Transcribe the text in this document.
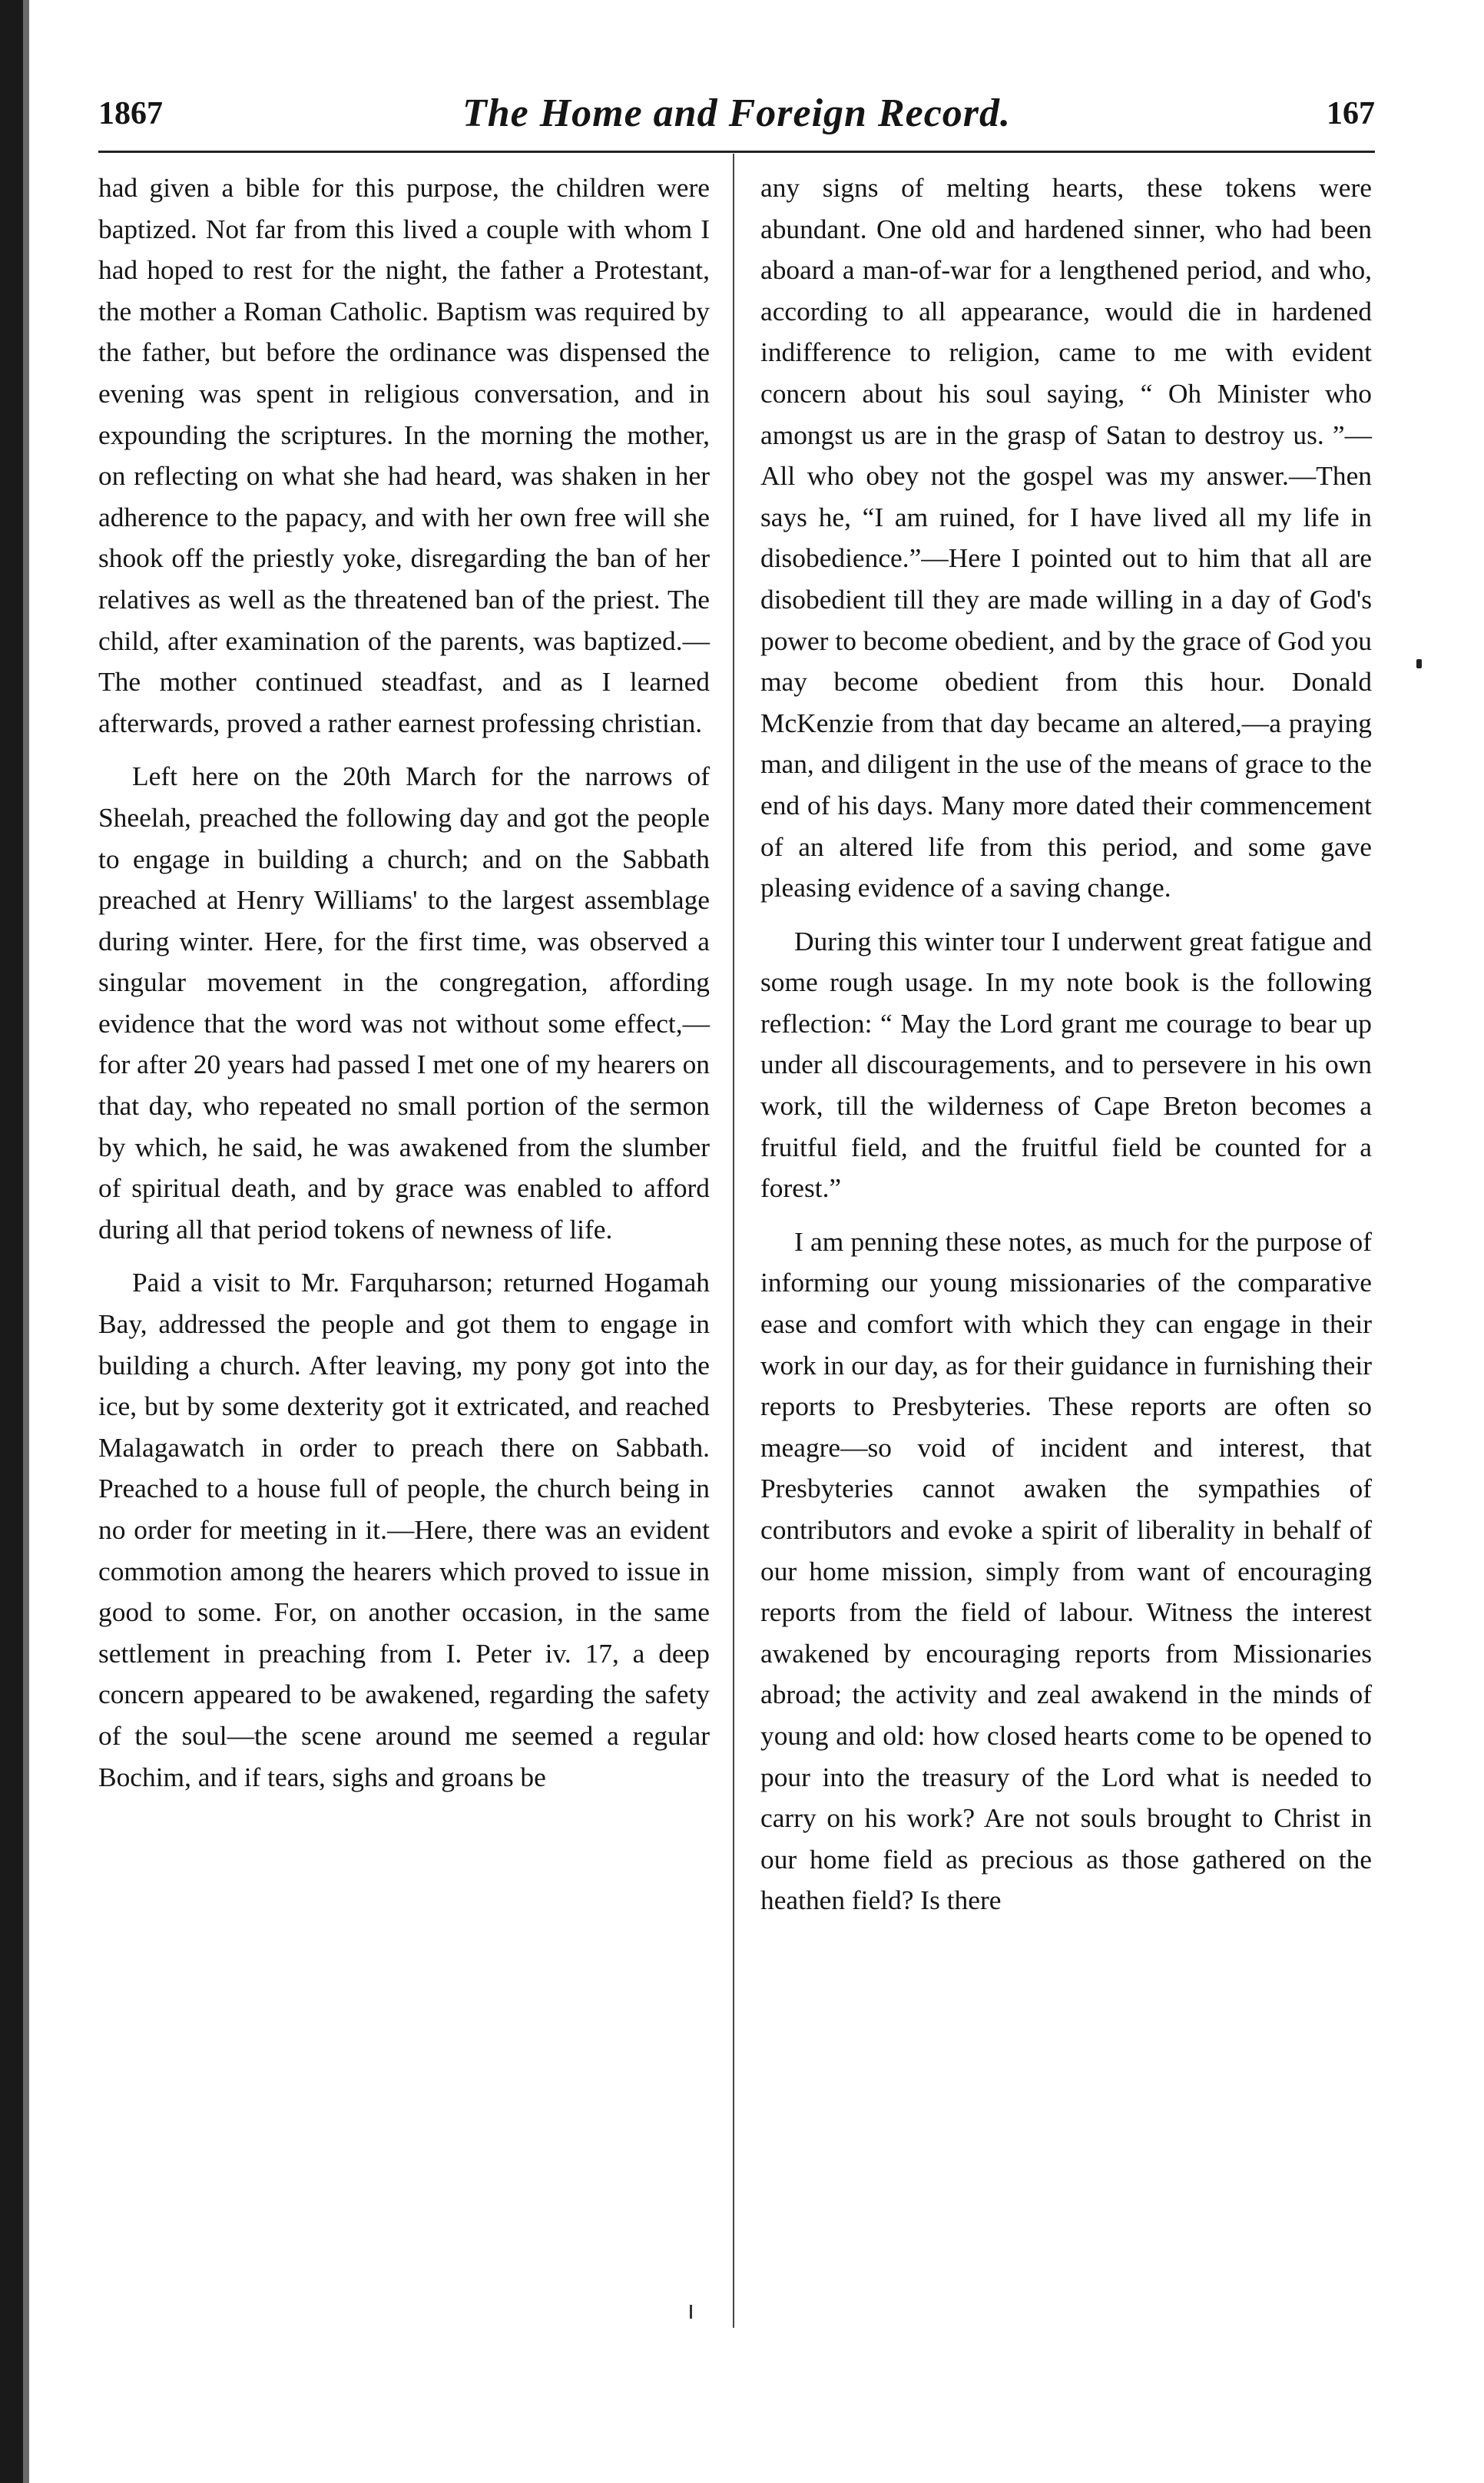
1867	The Home and Foreign Record.	167

had given a bible for this purpose, the children were baptized. Not far from this lived a couple with whom I had hoped to rest for the night, the father a Protestant, the mother a Roman Catholic. Baptism was required by the father, but before the ordinance was dispensed the evening was spent in religious conversation, and in expounding the scriptures. In the morning the mother, on reflecting on what she had heard, was shaken in her adherence to the papacy, and with her own free will she shook off the priestly yoke, disregarding the ban of her relatives as well as the threatened ban of the priest. The child, after examination of the parents, was baptized.—The mother continued steadfast, and as I learned afterwards, proved a rather earnest professing christian.

Left here on the 20th March for the narrows of Sheelah, preached the following day and got the people to engage in building a church; and on the Sabbath preached at Henry Williams' to the largest assemblage during winter. Here, for the first time, was observed a singular movement in the congregation, affording evidence that the word was not without some effect,—for after 20 years had passed I met one of my hearers on that day, who repeated no small portion of the sermon by which, he said, he was awakened from the slumber of spiritual death, and by grace was enabled to afford during all that period tokens of newness of life.

Paid a visit to Mr. Farquharson; returned Hogamah Bay, addressed the people and got them to engage in building a church. After leaving, my pony got into the ice, but by some dexterity got it extricated, and reached Malagawatch in order to preach there on Sabbath. Preached to a house full of people, the church being in no order for meeting in it.—Here, there was an evident commotion among the hearers which proved to issue in good to some. For, on another occasion, in the same settlement in preaching from I. Peter iv. 17, a deep concern appeared to be awakened, regarding the safety of the soul—the scene around me seemed a regular Bochim, and if tears, sighs and groans be

any signs of melting hearts, these tokens were abundant. One old and hardened sinner, who had been aboard a man-of-war for a lengthened period, and who, according to all appearance, would die in hardened indifference to religion, came to me with evident concern about his soul saying, “ Oh Minister who amongst us are in the grasp of Satan to destroy us. ”—All who obey not the gospel was my answer.—Then says he, “I am ruined, for I have lived all my life in disobedience.”—Here I pointed out to him that all are disobedient till they are made willing in a day of God's power to become obedient, and by the grace of God you may become obedient from this hour. Donald McKenzie from that day became an altered,—a praying man, and diligent in the use of the means of grace to the end of his days. Many more dated their commencement of an altered life from this period, and some gave pleasing evidence of a saving change.

During this winter tour I underwent great fatigue and some rough usage. In my note book is the following reflection: “ May the Lord grant me courage to bear up under all discouragements, and to persevere in his own work, till the wilderness of Cape Breton becomes a fruitful field, and the fruitful field be counted for a forest.”

I am penning these notes, as much for the purpose of informing our young missionaries of the comparative ease and comfort with which they can engage in their work in our day, as for their guidance in furnishing their reports to Presbyteries. These reports are often so meagre—so void of incident and interest, that Presbyteries cannot awaken the sympathies of contributors and evoke a spirit of liberality in behalf of our home mission, simply from want of encouraging reports from the field of labour. Witness the interest awakened by encouraging reports from Missionaries abroad; the activity and zeal awakend in the minds of young and old: how closed hearts come to be opened to pour into the treasury of the Lord what is needed to carry on his work? Are not souls brought to Christ in our home field as precious as those gathered on the heathen field? Is there
